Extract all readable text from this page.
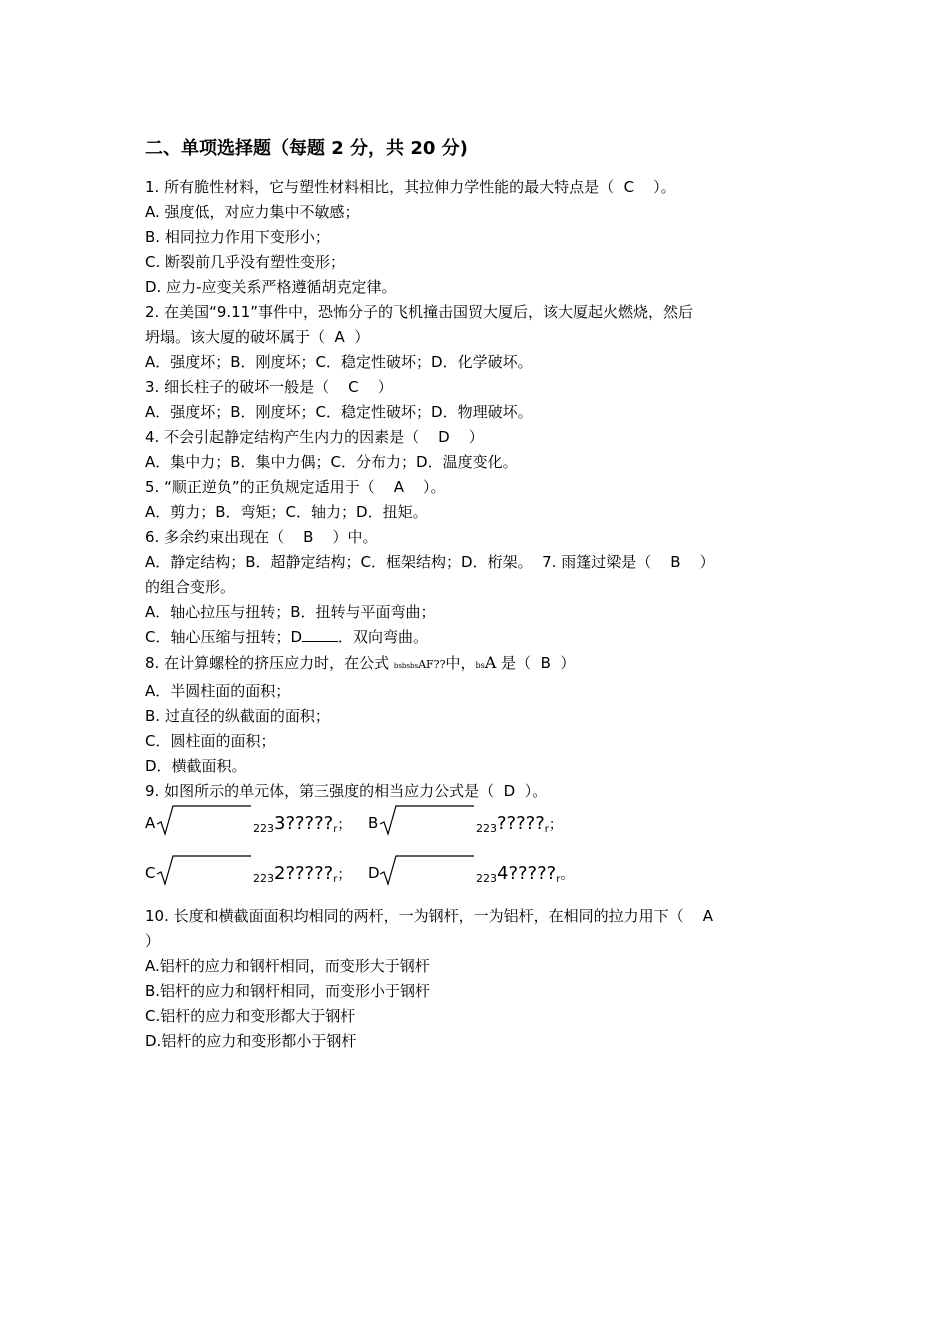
二、单项选择题（每题 2 分，共 20 分)
1. 所有脆性材料，它与塑性材料相比，其拉伸力学性能的最大特点是（  C    ）。
A. 强度低，对应力集中不敏感；
B. 相同拉力作用下变形小；
C. 断裂前几乎没有塑性变形；
D. 应力-应变关系严格遵循胡克定律。
2. 在美国“9.11”事件中，恐怖分子的飞机撞击国贸大厦后，该大厦起火燃烧，然后
坍塌。该大厦的破坏属于（  A  ）
A．强度坏；B．刚度坏；C．稳定性破坏；D．化学破坏。
3. 细长柱子的破坏一般是（    C    ）
A．强度坏；B．刚度坏；C．稳定性破坏；D．物理破坏。
4. 不会引起静定结构产生内力的因素是（    D    ）
A．集中力；B．集中力偶；C．分布力；D．温度变化。
5. “顺正逆负”的正负规定适用于（    A    ）。
A．剪力；B．弯矩；C．轴力；D．扭矩。
6. 多余约束出现在（    B    ）中。
A．静定结构；B．超静定结构；C．框架结构；D．桁架。  7. 雨篷过梁是（    B    ）
的组合变形。
A．轴心拉压与扭转；B．扭转与平面弯曲；
C．轴心压缩与扭转；D ．双向弯曲。
8. 在计算螺栓的挤压应力时，在公式 bsbsbsAF??中，bsA 是（  B  ）
A．半圆柱面的面积；
B. 过直径的纵截面的面积；
C．圆柱面的面积；
D．横截面积。
9. 如图所示的单元体，第三强度的相当应力公式是（  D  ）。
A	$_{223}$3?????r； B	$_{223}$?????r；
C	$_{223}$2?????r； D	$_{223}$4?????r。
10. 长度和横截面面积均相同的两杆，一为钢杆，一为铝杆，在相同的拉力用下（    A
）
A.铝杆的应力和钢杆相同，而变形大于钢杆
B.铝杆的应力和钢杆相同，而变形小于钢杆
C.铝杆的应力和变形都大于钢杆
D.铝杆的应力和变形都小于钢杆
